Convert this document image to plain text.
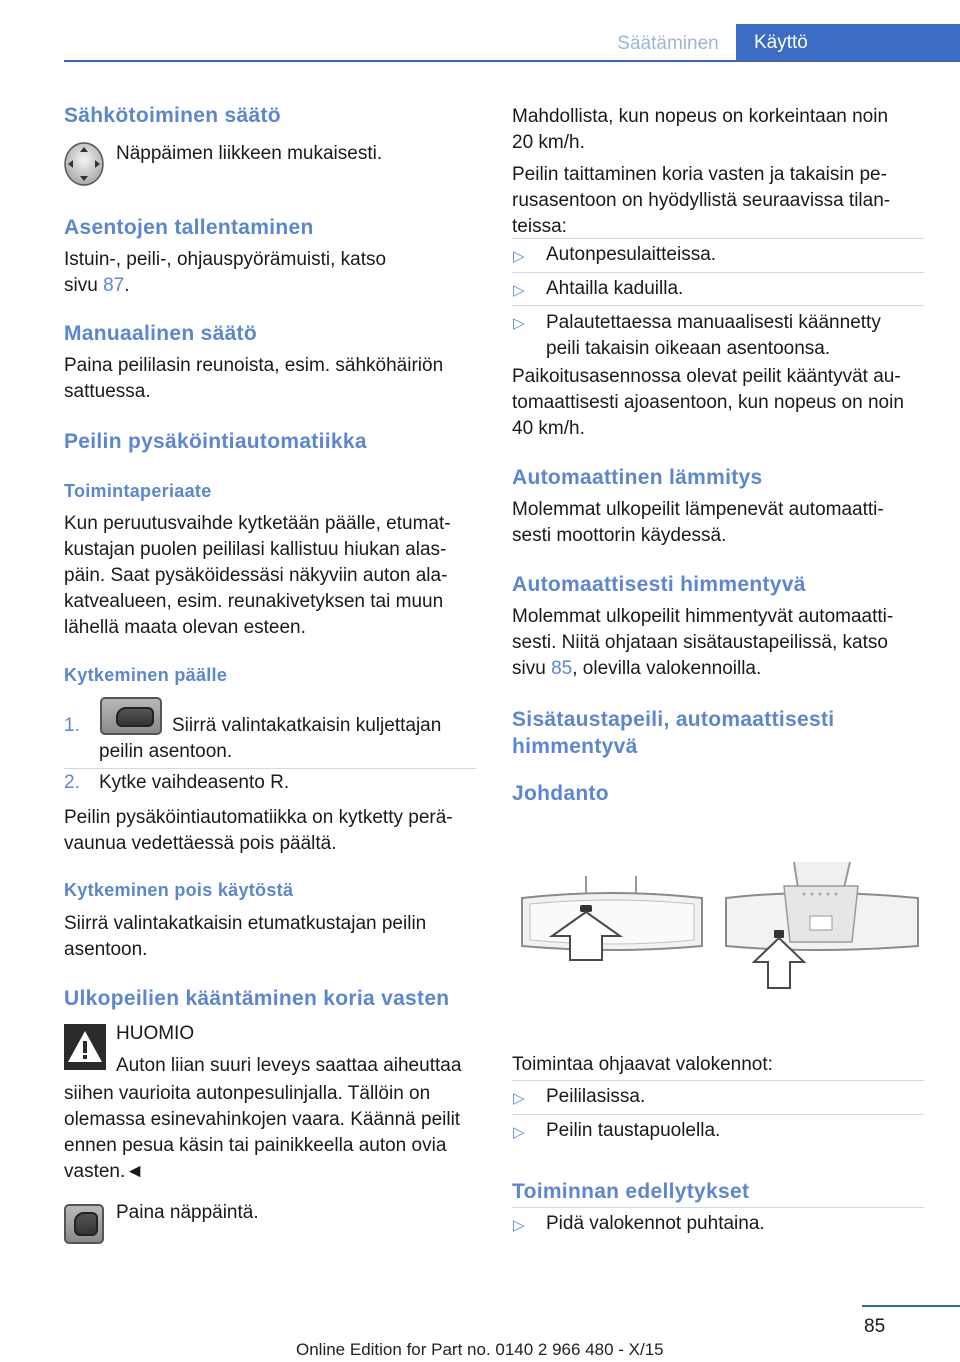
Säätäminen	Käyttö
Sähkötoiminen säätö
Näppäimen liikkeen mukaisesti.
Asentojen tallentaminen
Istuin-, peili-, ohjauspyörämuisti, katso
sivu 87.
Manuaalinen säätö
Paina peililasin reunoista, esim. sähköhäiriön
sattuessa.
Peilin pysäköintiautomatiikka
Toimintaperiaate
Kun peruutusvaihde kytketään päälle, etumat-
kustajan puolen peililasi kallistuu hiukan alas-
päin. Saat pysäköidessäsi näkyviin auton ala-
katvealueen, esim. reunakivetyksen tai muun
lähellä maata olevan esteen.
Kytkeminen päälle
1.	Siirrä valintakatkaisin kuljettajan
peilin asentoon.
2. Kytke vaihdeasento R.
Peilin pysäköintiautomatiikka on kytketty perä-
vaunua vedettäessä pois päältä.
Kytkeminen pois käytöstä
Siirrä valintakatkaisin etumatkustajan peilin
asentoon.
Ulkopeilien kääntäminen koria vasten
HUOMIO
Auton liian suuri leveys saattaa aiheuttaa
siihen vaurioita autonpesulinjalla. Tällöin on
olemassa esinevahinkojen vaara. Käännä peilit
ennen pesua käsin tai painikkeella auton ovia
vasten.◄
Paina näppäintä.
Mahdollista, kun nopeus on korkeintaan noin
20 km/h.
Peilin taittaminen koria vasten ja takaisin pe-
rusasentoon on hyödyllistä seuraavissa tilan-
teissa:
▷ Autonpesulaitteissa.
▷ Ahtailla kaduilla.
▷ Palautettaessa manuaalisesti käännetty
peili takaisin oikeaan asentoonsa.
Paikoitusasennossa olevat peilit kääntyvät au-
tomaattisesti ajoasentoon, kun nopeus on noin
40 km/h.
Automaattinen lämmitys
Molemmat ulkopeilit lämpenevät automaatti-
sesti moottorin käydessä.
Automaattisesti himmentyvä
Molemmat ulkopeilit himmentyvät automaatti-
sesti. Niitä ohjataan sisätaustapeilissä, katso
sivu 85, olevilla valokennoilla.
Sisätaustapeili, automaattisesti
himmentyvä
Johdanto
Toimintaa ohjaavat valokennot:
▷ Peililasissa.
▷ Peilin taustapuolella.
Toiminnan edellytykset
▷ Pidä valokennot puhtaina.
85
Online Edition for Part no. 0140 2 966 480 - X/15
